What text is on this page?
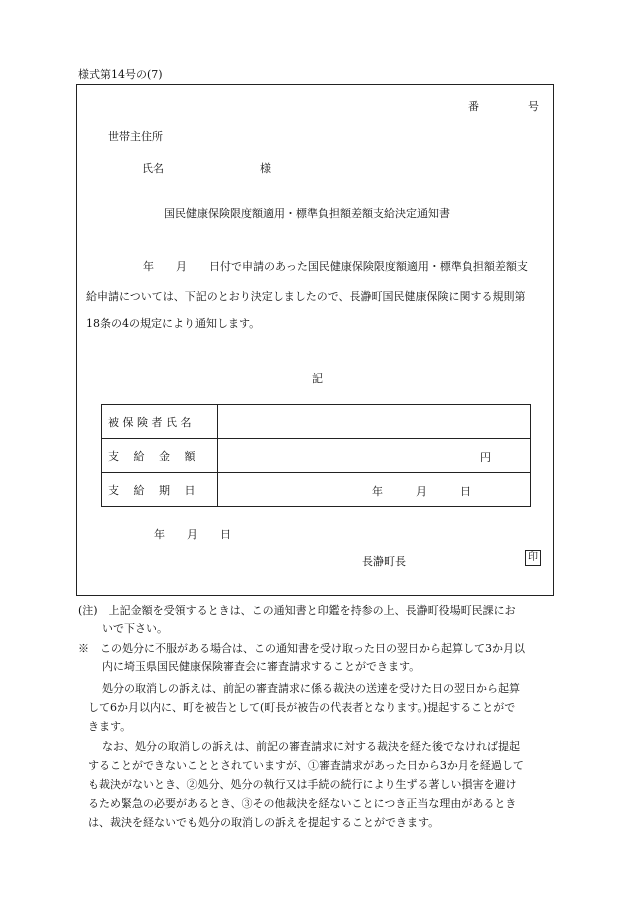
様式第14号の(7)
番	号
世帯主住所
氏名	様
国民健康保険限度額適用・標準負担額差額支給決定通知書
年　　月　　日付で申請のあった国民健康保険限度額適用・標準負担額差額支
給申請については、下記のとおり決定しましたので、長瀞町国民健康保険に関する規則第
18条の4の規定により通知します。
記
被 保 険 者 氏 名	

支　 給　 金　 額	円

支　 給　 期　 日	年　　　月　　　日
年　　月　　日
長瀞町長	印
(注)　上記金額を受領するときは、この通知書と印鑑を持参の上、長瀞町役場町民課にお
いで下さい。
※　この処分に不服がある場合は、この通知書を受け取った日の翌日から起算して3か月以
内に埼玉県国民健康保険審査会に審査請求することができます。
処分の取消しの訴えは、前記の審査請求に係る裁決の送達を受けた日の翌日から起算
して6か月以内に、町を被告として(町長が被告の代表者となります。)提起することがで
きます。
なお、処分の取消しの訴えは、前記の審査請求に対する裁決を経た後でなければ提起
することができないこととされていますが、①審査請求があった日から3か月を経過して
も裁決がないとき、②処分、処分の執行又は手続の続行により生ずる著しい損害を避け
るため緊急の必要があるとき、③その他裁決を経ないことにつき正当な理由があるとき
は、裁決を経ないでも処分の取消しの訴えを提起することができます。
